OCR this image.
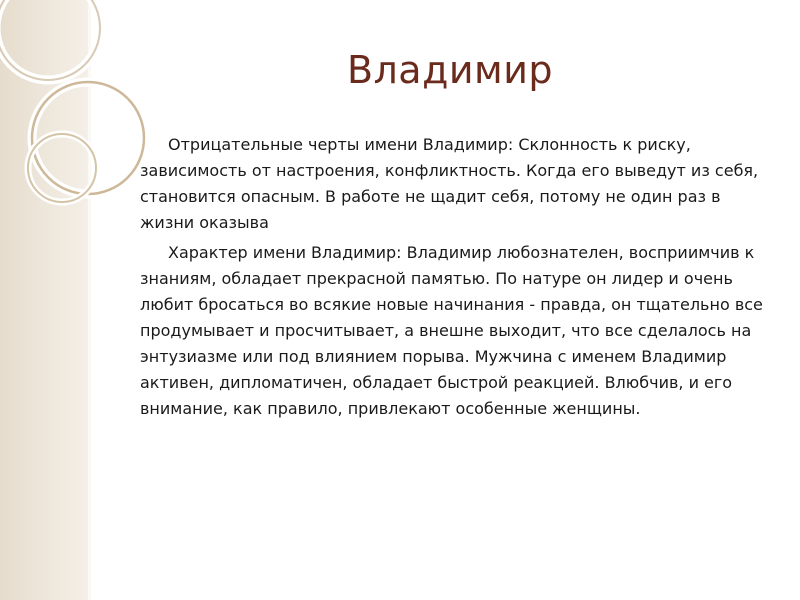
Владимир

Отрицательные черты имени Владимир: Склонность к риску, зависимость от настроения, конфликтность. Когда его выведут из себя, становится опасным. В работе не щадит себя, потому не один раз в жизни оказыва

Характер имени Владимир: Владимир любознателен, восприимчив к знаниям, обладает прекрасной памятью. По натуре он лидер и очень любит бросаться во всякие новые начинания - правда, он тщательно все продумывает и просчитывает, а внешне выходит, что все сделалось на энтузиазме или под влиянием порыва. Мужчина с именем Владимир активен, дипломатичен, обладает быстрой реакцией. Влюбчив, и его внимание, как правило, привлекают особенные женщины.
